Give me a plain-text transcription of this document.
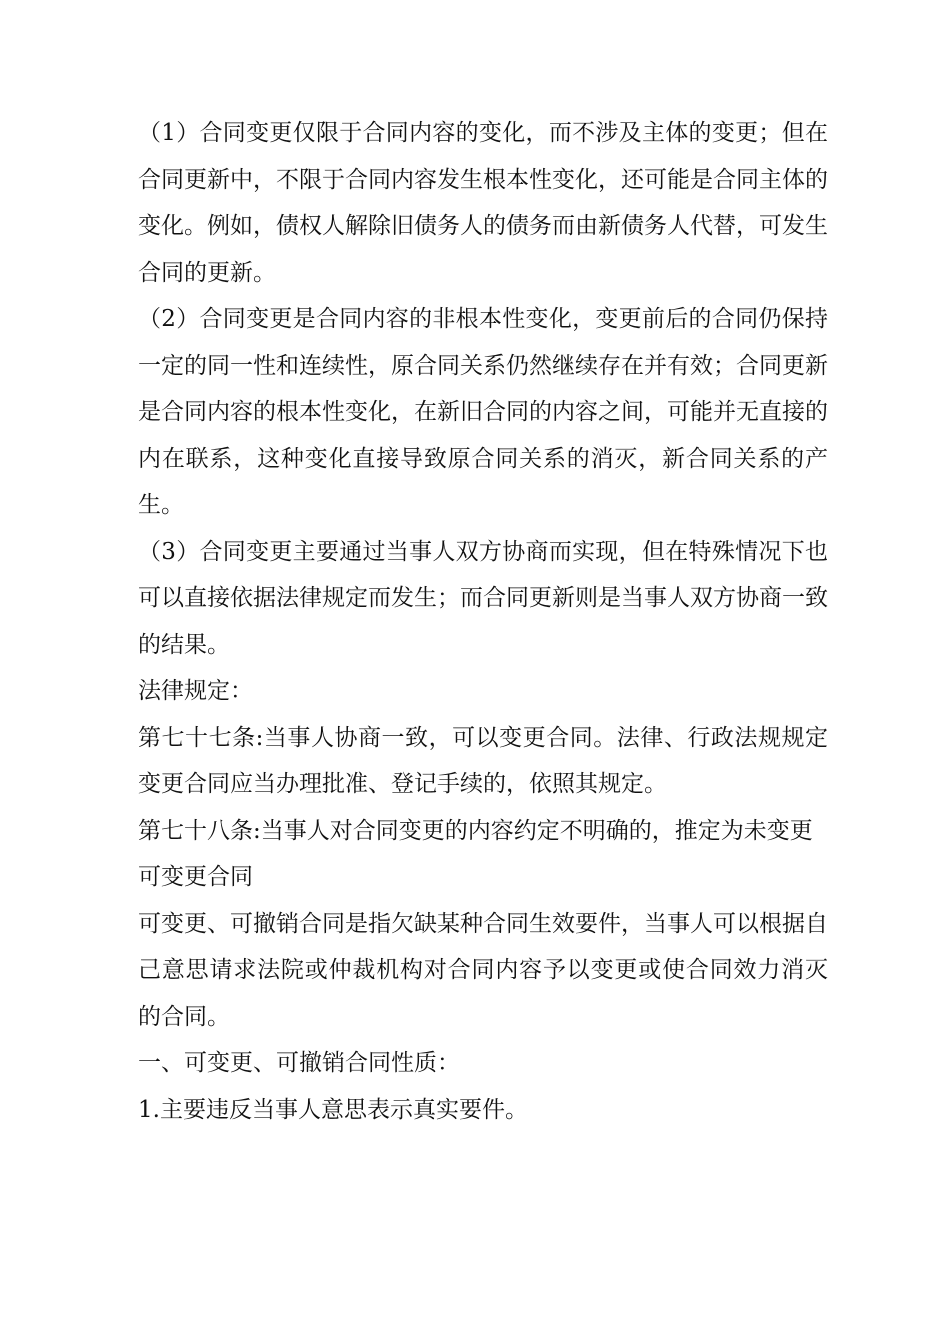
（1）合同变更仅限于合同内容的变化，而不涉及主体的变更；但在合同更新中，不限于合同内容发生根本性变化，还可能是合同主体的变化。例如，债权人解除旧债务人的债务而由新债务人代替，可发生合同的更新。

（2）合同变更是合同内容的非根本性变化，变更前后的合同仍保持一定的同一性和连续性，原合同关系仍然继续存在并有效；合同更新是合同内容的根本性变化，在新旧合同的内容之间，可能并无直接的内在联系，这种变化直接导致原合同关系的消灭，新合同关系的产生。

（3）合同变更主要通过当事人双方协商而实现，但在特殊情况下也可以直接依据法律规定而发生；而合同更新则是当事人双方协商一致的结果。

法律规定：

第七十七条:当事人协商一致，可以变更合同。法律、行政法规规定变更合同应当办理批准、登记手续的，依照其规定。

第七十八条:当事人对合同变更的内容约定不明确的，推定为未变更

可变更合同

可变更、可撤销合同是指欠缺某种合同生效要件，当事人可以根据自己意思请求法院或仲裁机构对合同内容予以变更或使合同效力消灭 的合同。

一、可变更、可撤销合同性质：

1.主要违反当事人意思表示真实要件。
